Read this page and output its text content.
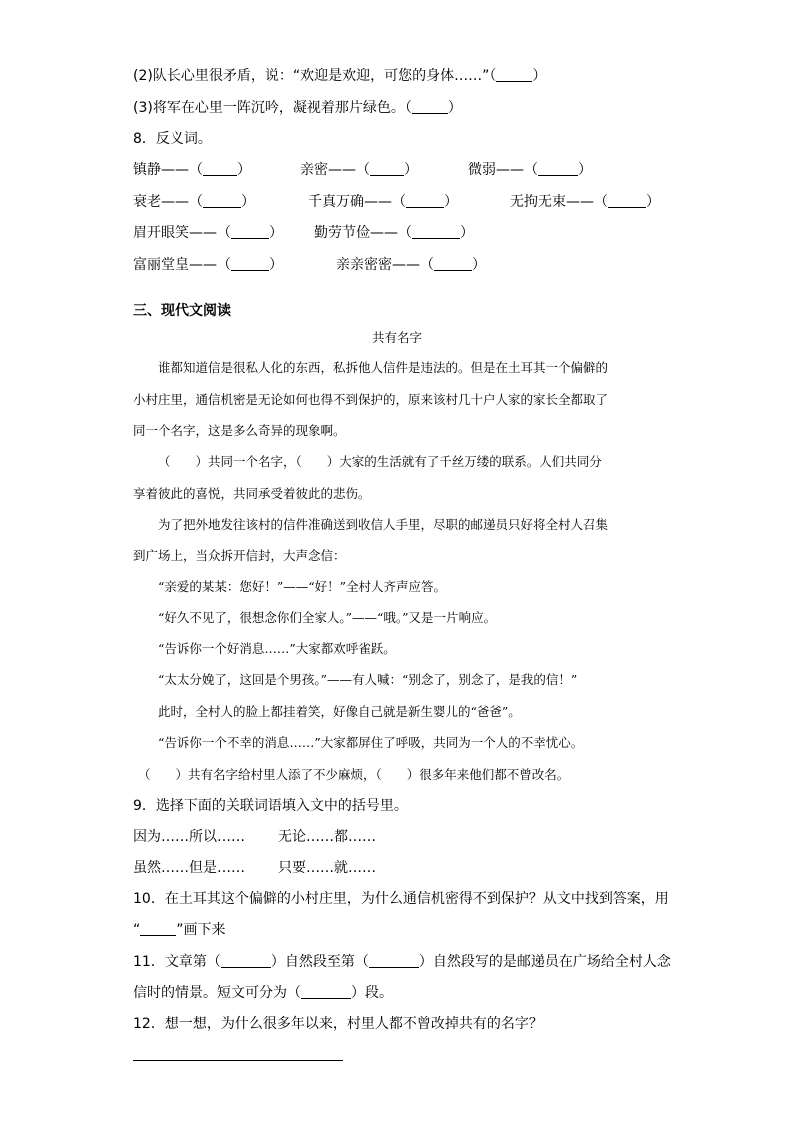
(2)队长心里很矛盾，说：“欢迎是欢迎，可您的身体……”（	）
(3)将军在心里一阵沉吟，凝视着那片绿色。（	）
8．反义词。
镇静——（ ）	亲密——（ ）	微弱——（	）
衰老——（	）	千真万确——（	）	无拘无束——（	）
眉开眼笑——（	） 勤劳节俭——（	）
富丽堂皇——（	）	亲亲密密——（	）
三、现代文阅读
共有名字
谁都知道信是很私人化的东西，私拆他人信件是违法的。但是在土耳其一个偏僻的
小村庄里，通信机密是无论如何也得不到保护的，原来该村几十户人家的家长全都取了
同一个名字，这是多么奇异的现象啊。
（　　）共同一个名字，（　　）大家的生活就有了千丝万缕的联系。人们共同分
享着彼此的喜悦，共同承受着彼此的悲伤。
为了把外地发往该村的信件准确送到收信人手里，尽职的邮递员只好将全村人召集
到广场上，当众拆开信封，大声念信：
“亲爱的某某：您好！”——“好！”全村人齐声应答。
“好久不见了，很想念你们全家人。”——“哦。”又是一片响应。
“告诉你一个好消息……”大家都欢呼雀跃。
“太太分娩了，这回是个男孩。”——有人喊：“别念了，别念了，是我的信！”
此时，全村人的脸上都挂着笑，好像自己就是新生婴儿的“爸爸”。
“告诉你一个不幸的消息……”大家都屏住了呼吸，共同为一个人的不幸忧心。
（　　）共有名字给村里人添了不少麻烦，（　　）很多年来他们都不曾改名。
9．选择下面的关联词语填入文中的括号里。
因为……所以…… 无论……都……
虽然……但是…… 只要……就……
10．在土耳其这个偏僻的小村庄里，为什么通信机密得不到保护？从文中找到答案，用
“	”画下来
11．文章第（	）自然段至第（	）自然段写的是邮递员在广场给全村人念
信时的情景。短文可分为（	）段。
12．想一想，为什么很多年以来，村里人都不曾改掉共有的名字？
